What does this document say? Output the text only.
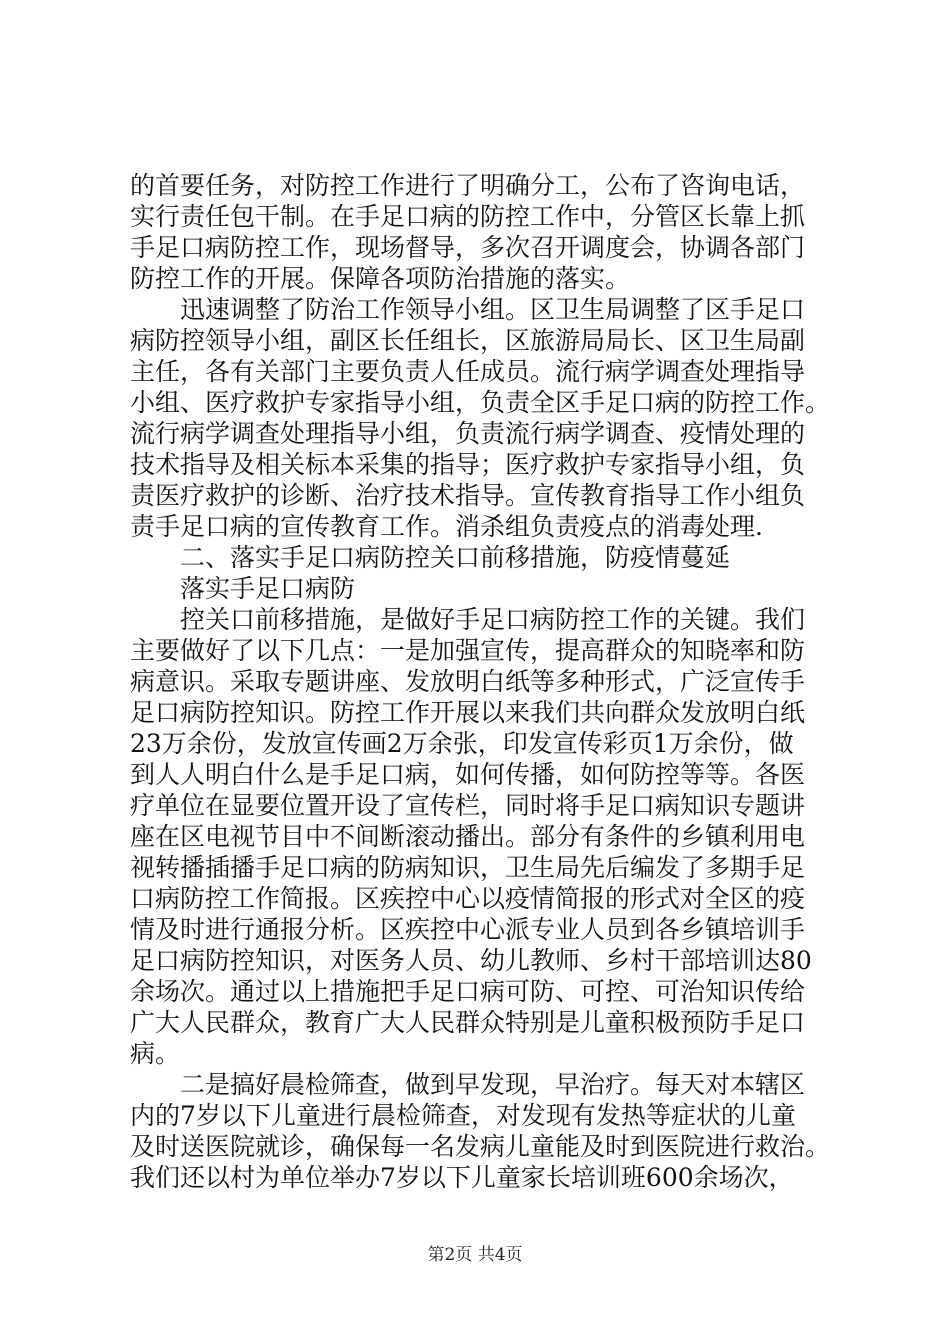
的首要任务，对防控工作进行了明确分工，公布了咨询电话，
实行责任包干制。在手足口病的防控工作中，分管区长靠上抓
手足口病防控工作，现场督导，多次召开调度会，协调各部门
防控工作的开展。保障各项防治措施的落实。
迅速调整了防治工作领导小组。区卫生局调整了区手足口
病防控领导小组，副区长任组长，区旅游局局长、区卫生局副
主任，各有关部门主要负责人任成员。流行病学调查处理指导
小组、医疗救护专家指导小组，负责全区手足口病的防控工作。
流行病学调查处理指导小组，负责流行病学调查、疫情处理的
技术指导及相关标本采集的指导；医疗救护专家指导小组，负
责医疗救护的诊断、治疗技术指导。宣传教育指导工作小组负
责手足口病的宣传教育工作。消杀组负责疫点的消毒处理.
二、落实手足口病防控关口前移措施，防疫情蔓延
落实手足口病防
控关口前移措施，是做好手足口病防控工作的关键。我们
主要做好了以下几点：一是加强宣传，提高群众的知晓率和防
病意识。采取专题讲座、发放明白纸等多种形式，广泛宣传手
足口病防控知识。防控工作开展以来我们共向群众发放明白纸
23万余份，发放宣传画2万余张，印发宣传彩页1万余份，做
到人人明白什么是手足口病，如何传播，如何防控等等。各医
疗单位在显要位置开设了宣传栏，同时将手足口病知识专题讲
座在区电视节目中不间断滚动播出。部分有条件的乡镇利用电
视转播插播手足口病的防病知识，卫生局先后编发了多期手足
口病防控工作简报。区疾控中心以疫情简报的形式对全区的疫
情及时进行通报分析。区疾控中心派专业人员到各乡镇培训手
足口病防控知识，对医务人员、幼儿教师、乡村干部培训达80
余场次。通过以上措施把手足口病可防、可控、可治知识传给
广大人民群众，教育广大人民群众特别是儿童积极预防手足口
病。
二是搞好晨检筛查，做到早发现，早治疗。每天对本辖区
内的7岁以下儿童进行晨检筛查，对发现有发热等症状的儿童
及时送医院就诊，确保每一名发病儿童能及时到医院进行救治。
我们还以村为单位举办7岁以下儿童家长培训班600余场次，
第2页 共4页
